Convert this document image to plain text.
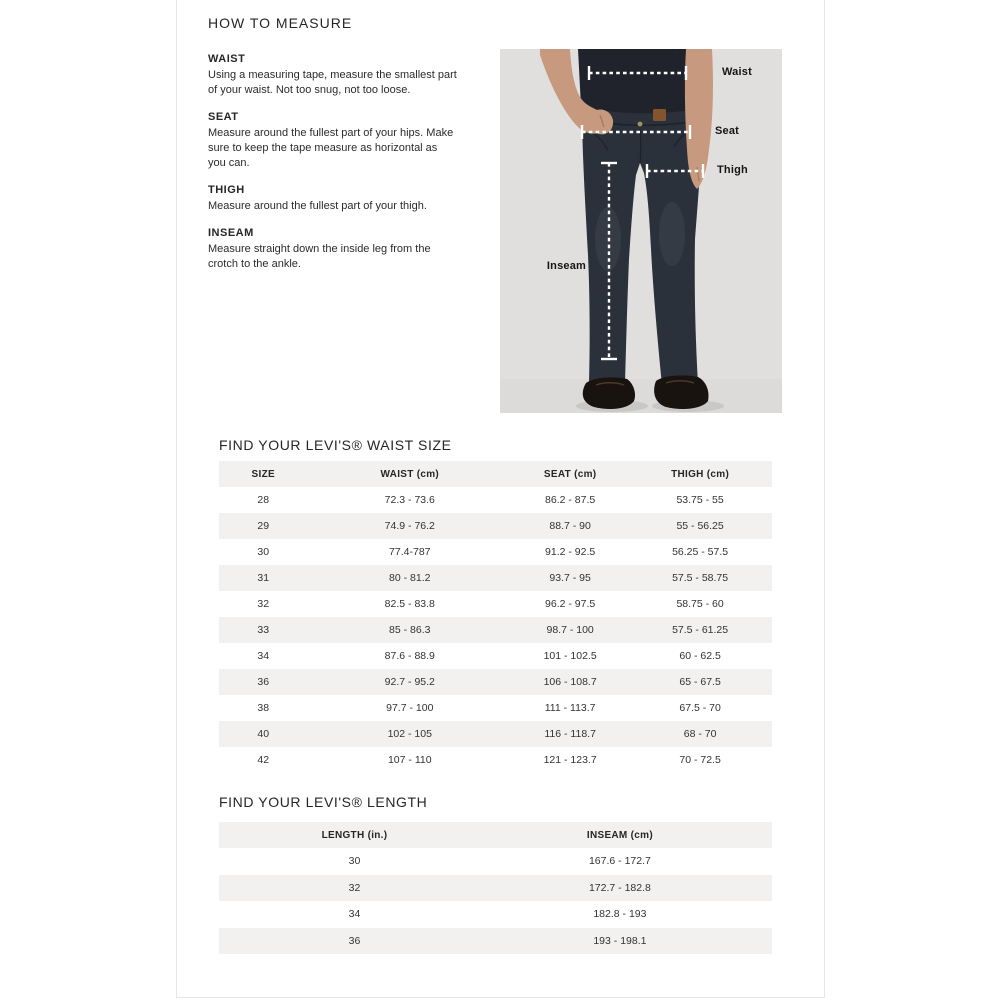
HOW TO MEASURE
WAIST

Using a measuring tape, measure the smallest part of your waist. Not too snug, not too loose.

SEAT

Measure around the fullest part of your hips. Make sure to keep the tape measure as horizontal as you can.

THIGH

Measure around the fullest part of your thigh.

INSEAM

Measure straight down the inside leg from the crotch to the ankle.

Waist
Seat
Thigh
Inseam
FIND YOUR LEVI'S® WAIST SIZE
SIZE	WAIST (cm)	SEAT (cm)	THIGH (cm)
28	72.3 - 73.6	86.2 - 87.5	53.75 - 55
29	74.9 - 76.2	88.7 - 90	55 - 56.25
30	77.4-787	91.2 - 92.5	56.25 - 57.5
31	80 - 81.2	93.7 - 95	57.5 - 58.75
32	82.5 - 83.8	96.2 - 97.5	58.75 - 60
33	85 - 86.3	98.7 - 100	57.5 - 61.25
34	87.6 - 88.9	101 - 102.5	60 - 62.5
36	92.7 - 95.2	106 - 108.7	65 - 67.5
38	97.7 - 100	111 - 113.7	67.5 - 70
40	102 - 105	116 - 118.7	68 - 70
42	107 - 110	121 - 123.7	70 - 72.5
FIND YOUR LEVI'S® LENGTH
LENGTH (in.)	INSEAM (cm)
30	167.6 - 172.7
32	172.7 - 182.8
34	182.8 - 193
36	193 - 198.1
